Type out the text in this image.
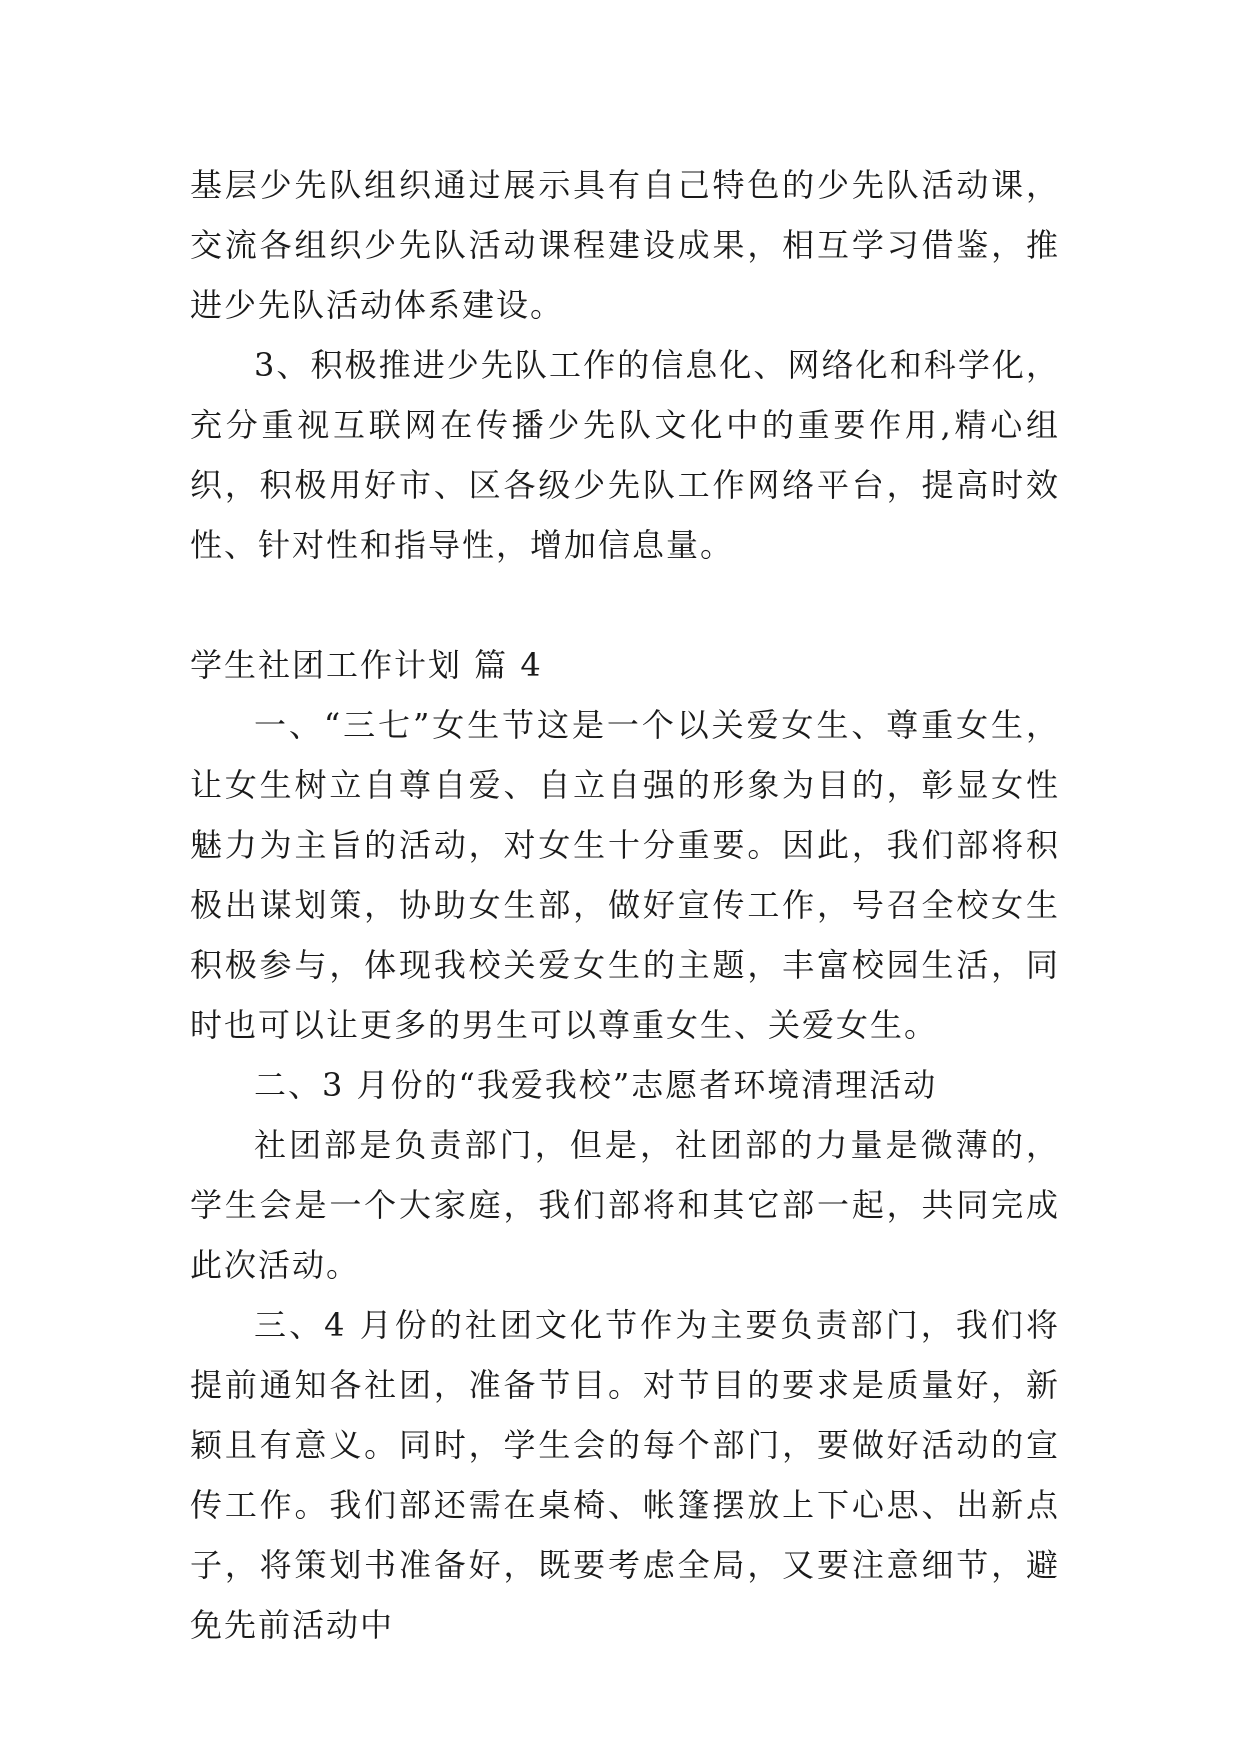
基层少先队组织通过展示具有自己特色的少先队活动课，交流各组织少先队活动课程建设成果，相互学习借鉴，推进少先队活动体系建设。

3、积极推进少先队工作的信息化、网络化和科学化，充分重视互联网在传播少先队文化中的重要作用,精心组织，积极用好市、区各级少先队工作网络平台，提高时效性、针对性和指导性，增加信息量。

学生社团工作计划 篇 4

一、“三七”女生节这是一个以关爱女生、尊重女生，让女生树立自尊自爱、自立自强的形象为目的，彰显女性魅力为主旨的活动，对女生十分重要。因此，我们部将积极出谋划策，协助女生部，做好宣传工作，号召全校女生积极参与，体现我校关爱女生的主题，丰富校园生活，同时也可以让更多的男生可以尊重女生、关爱女生。

二、3 月份的“我爱我校”志愿者环境清理活动

社团部是负责部门，但是，社团部的力量是微薄的，学生会是一个大家庭，我们部将和其它部一起，共同完成此次活动。

三、4 月份的社团文化节作为主要负责部门，我们将提前通知各社团，准备节目。对节目的要求是质量好，新颖且有意义。同时，学生会的每个部门，要做好活动的宣传工作。我们部还需在桌椅、帐篷摆放上下心思、出新点子，将策划书准备好，既要考虑全局，又要注意细节，避免先前活动中
